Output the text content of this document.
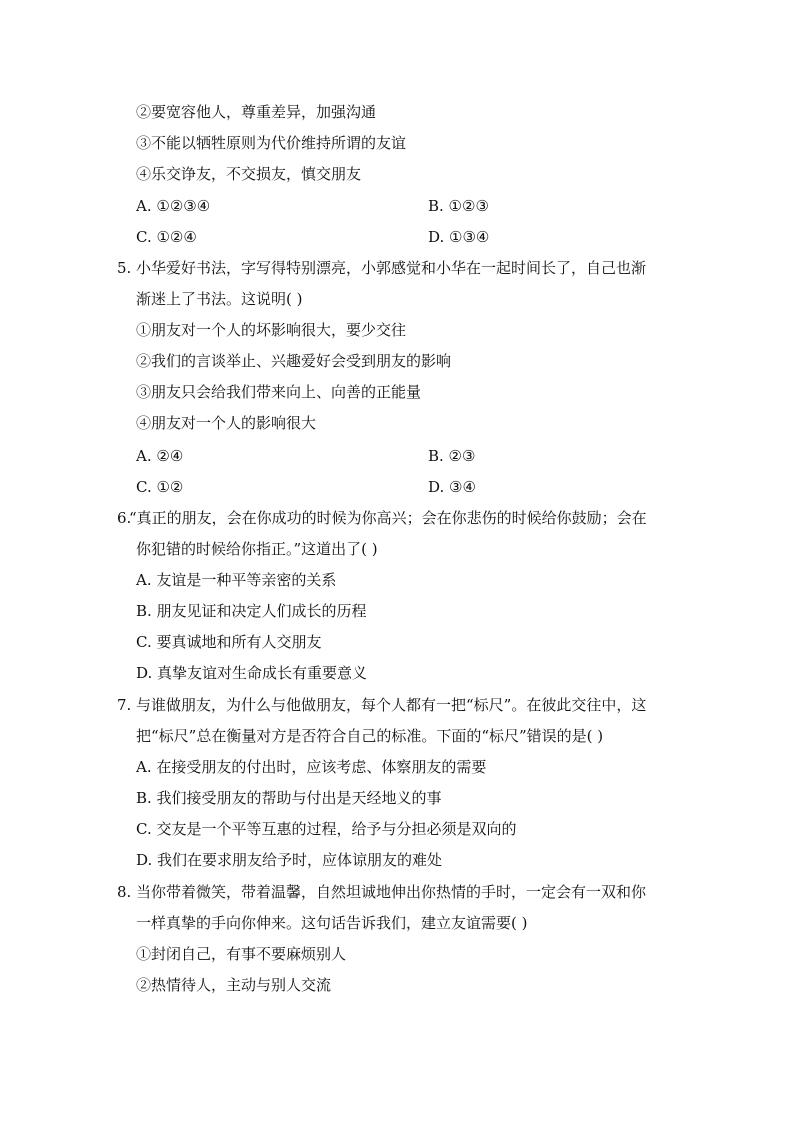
②要宽容他人，尊重差异，加强沟通
③不能以牺牲原则为代价维持所谓的友谊
④乐交诤友，不交损友，慎交朋友
A. ①②③④	B. ①②③
C. ①②④	D. ①③④
5. 小华爱好书法，字写得特别漂亮，小郭感觉和小华在一起时间长了，自己也渐
渐迷上了书法。这说明( )
①朋友对一个人的坏影响很大，要少交往
②我们的言谈举止、兴趣爱好会受到朋友的影响
③朋友只会给我们带来向上、向善的正能量
④朋友对一个人的影响很大
A. ②④	B. ②③
C. ①②	D. ③④
6.
“真正的朋友，会在你成功的时候为你高兴；会在你悲伤的时候给你鼓励；会在
你犯错的时候给你指正。”这道出了( )
A. 友谊是一种平等亲密的关系
B. 朋友见证和决定人们成长的历程
C. 要真诚地和所有人交朋友
D. 真挚友谊对生命成长有重要意义
7. 与谁做朋友，为什么与他做朋友，每个人都有一把“标尺”。在彼此交往中，这
把“标尺”总在衡量对方是否符合自己的标准。下面的“标尺”错误的是( )
A. 在接受朋友的付出时，应该考虑、体察朋友的需要
B. 我们接受朋友的帮助与付出是天经地义的事
C. 交友是一个平等互惠的过程，给予与分担必须是双向的
D. 我们在要求朋友给予时，应体谅朋友的难处
8. 当你带着微笑，带着温馨，自然坦诚地伸出你热情的手时，一定会有一双和你
一样真挚的手向你伸来。这句话告诉我们，建立友谊需要( )
①封闭自己，有事不要麻烦别人
②热情待人，主动与别人交流
